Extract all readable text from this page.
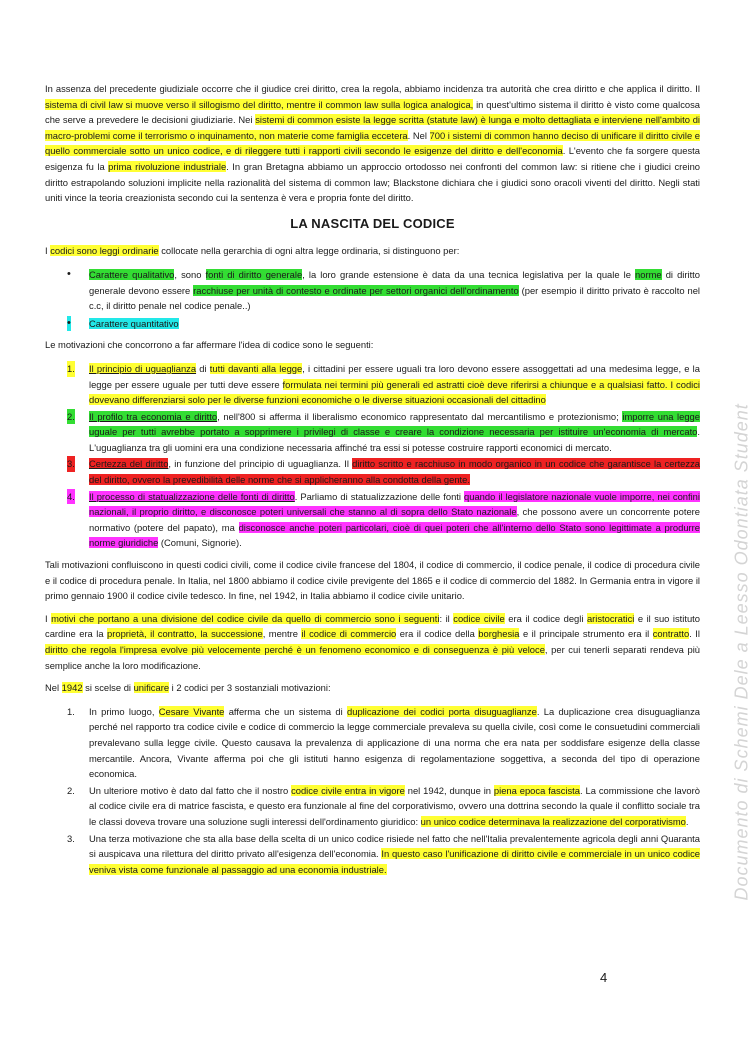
In assenza del precedente giudiziale occorre che il giudice crei diritto, crea la regola, abbiamo incidenza tra autorità che crea diritto e che applica il diritto. Il sistema di civil law si muove verso il sillogismo del diritto, mentre il common law sulla logica analogica, in quest'ultimo sistema il diritto è visto come qualcosa che serve a prevedere le decisioni giudiziarie. Nei sistemi di common esiste la legge scritta (statute law) è lunga e molto dettagliata e interviene nell'ambito di macro-problemi come il terrorismo o inquinamento, non materie come famiglia eccetera. Nel 700 i sistemi di common hanno deciso di unificare il diritto civile e quello commerciale sotto un unico codice, e di rileggere tutti i rapporti civili secondo le esigenze del diritto e dell'economia. L'evento che fa sorgere questa esigenza fu la prima rivoluzione industriale. In gran Bretagna abbiamo un approccio ortodosso nei confronti del common law: si ritiene che i giudici creino diritto estrapolando soluzioni implicite nella razionalità del sistema di common law; Blackstone dichiara che i giudici sono oracoli viventi del diritto. Negli stati uniti vince la teoria creazionista secondo cui la sentenza è vera e propria fonte del diritto.

LA NASCITA DEL CODICE

I codici sono leggi ordinarie collocate nella gerarchia di ogni altra legge ordinaria, si distinguono per:

• Carattere qualitativo, sono fonti di diritto generale, la loro grande estensione è data da una tecnica legislativa per la quale le norme di diritto generale devono essere racchiuse per unità di contesto e ordinate per settori organici dell'ordinamento (per esempio il diritto privato è raccolto nel c.c, il diritto penale nel codice penale..)
• Carattere quantitativo

Le motivazioni che concorrono a far affermare l'idea di codice sono le seguenti:

1. Il principio di uguaglianza di tutti davanti alla legge, i cittadini per essere uguali tra loro devono essere assoggettati ad una medesima legge, e la legge per essere uguale per tutti deve essere formulata nei termini più generali ed astratti cioè deve riferirsi a chiunque e a qualsiasi fatto. I codici dovevano differenziarsi solo per le diverse funzioni economiche o le diverse situazioni occasionali del cittadino
2. Il profilo tra economia e diritto, nell'800 si afferma il liberalismo economico rappresentato dal mercantilismo e protezionismo; imporre una legge uguale per tutti avrebbe portato a sopprimere i privilegi di classe e creare la condizione necessaria per istituire un'economia di mercato. L'uguaglianza tra gli uomini era una condizione necessaria affinché tra essi si potesse costruire rapporti economici di mercato.
3. Certezza del diritto, in funzione del principio di uguaglianza. Il diritto scritto e racchiuso in modo organico in un codice che garantisce la certezza del diritto, ovvero la prevedibilità delle norme che si applicheranno alla condotta della gente.
4. Il processo di statualizzazione delle fonti di diritto. Parliamo di statualizzazione delle fonti quando il legislatore nazionale vuole imporre, nei confini nazionali, il proprio diritto, e disconosce poteri universali che stanno al di sopra dello Stato nazionale, che possono avere un concorrente potere normativo (potere del papato), ma disconosce anche poteri particolari, cioè di quei poteri che all'interno dello Stato sono legittimate a produrre norme giuridiche (Comuni, Signorie).

Tali motivazioni confluiscono in questi codici civili, come il codice civile francese del 1804, il codice di commercio, il codice penale, il codice di procedura civile e il codice di procedura penale. In Italia, nel 1800 abbiamo il codice civile previgente del 1865 e il codice di commercio del 1882. In Germania entra in vigore il primo gennaio 1900 il codice civile tedesco. In fine, nel 1942, in Italia abbiamo il codice civile unitario.

I motivi che portano a una divisione del codice civile da quello di commercio sono i seguenti: il codice civile era il codice degli aristocratici e il suo istituto cardine era la proprietà, il contratto, la successione, mentre il codice di commercio era il codice della borghesia e il principale strumento era il contratto. Il diritto che regola l'impresa evolve più velocemente perché è un fenomeno economico e di conseguenza è più veloce, per cui tenerli separati rendeva più semplice anche la loro modificazione.

Nel 1942 si scelse di unificare i 2 codici per 3 sostanziali motivazioni:

1. In primo luogo, Cesare Vivante afferma che un sistema di duplicazione dei codici porta disuguaglianze. La duplicazione crea disuguaglianza perché nel rapporto tra codice civile e codice di commercio la legge commerciale prevaleva su quella civile, così come le consuetudini commerciali prevalevano sulla legge civile. Questo causava la prevalenza di applicazione di una norma che era nata per soddisfare esigenze della classe mercantile. Ancora, Vivante afferma poi che gli istituti hanno esigenza di regolamentazione soggettiva, a seconda del tipo di operazione economica.
2. Un ulteriore motivo è dato dal fatto che il nostro codice civile entra in vigore nel 1942, dunque in piena epoca fascista. La commissione che lavorò al codice civile era di matrice fascista, e questo era funzionale al fine del corporativismo, ovvero una dottrina secondo la quale il conflitto sociale tra le classi doveva trovare una soluzione sugli interessi dell'ordinamento giuridico: un unico codice determinava la realizzazione del corporativismo.
3. Una terza motivazione che sta alla base della scelta di un unico codice risiede nel fatto che nell'Italia prevalentemente agricola degli anni Quaranta si auspicava una rilettura del diritto privato all'esigenza dell'economia. In questo caso l'unificazione di diritto civile e commerciale in un unico codice veniva vista come funzionale al passaggio ad una economia industriale.	Documento di Schemi Dele a Leesso Odontiata Student
4
